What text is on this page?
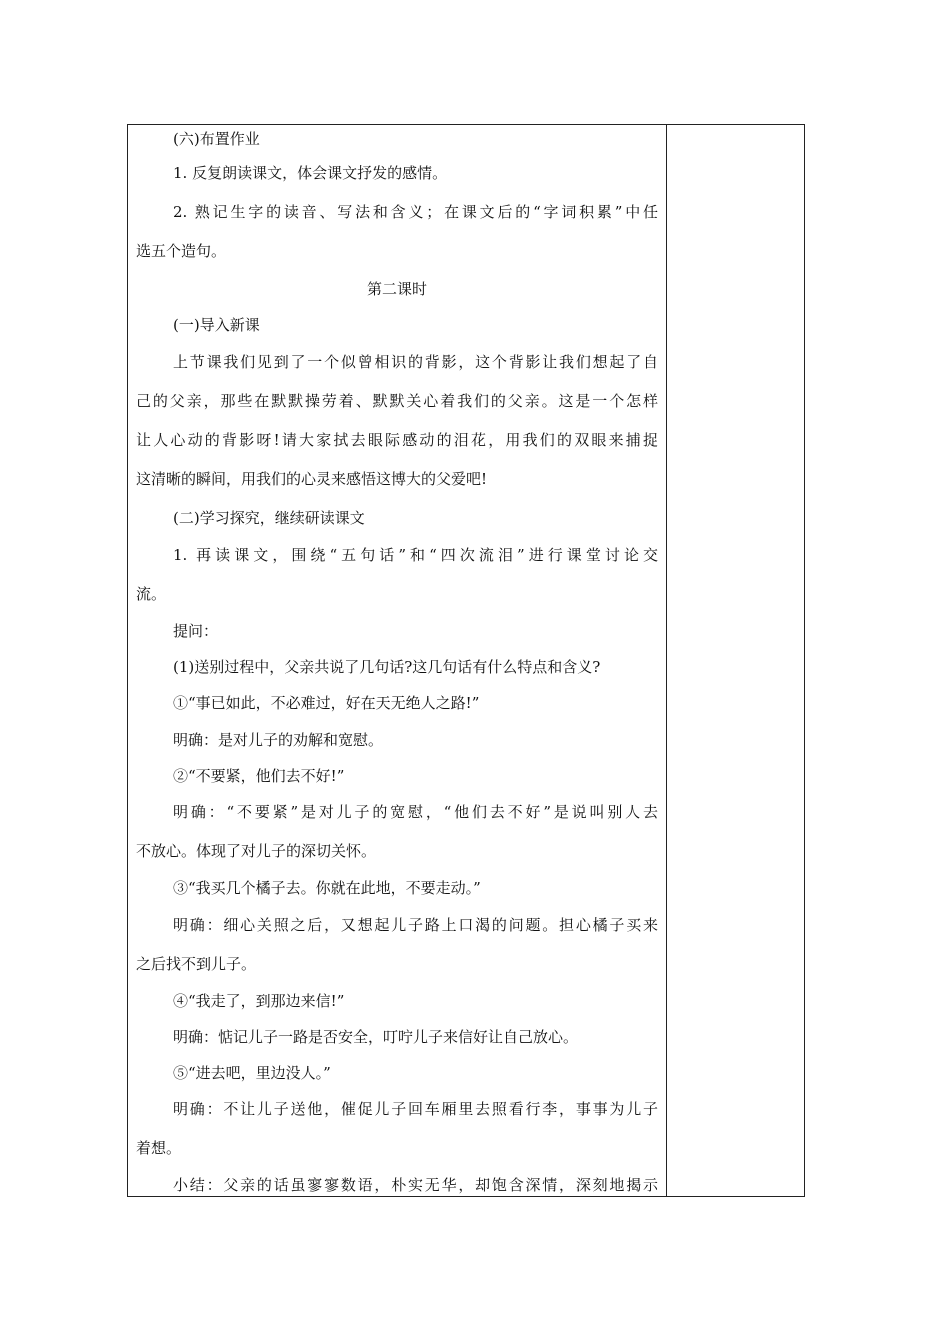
(六)布置作业
1. 反复朗读课文，体会课文抒发的感情。
2. 熟记生字的读音、写法和含义；在课文后的“字词积累”中任
选五个造句。
第二课时
(一)导入新课
上节课我们见到了一个似曾相识的背影，这个背影让我们想起了自
己的父亲，那些在默默操劳着、默默关心着我们的父亲。这是一个怎样
让人心动的背影呀!请大家拭去眼际感动的泪花，用我们的双眼来捕捉
这清晰的瞬间，用我们的心灵来感悟这博大的父爱吧!
(二)学习探究，继续研读课文
1. 再读课文，围绕“五句话”和“四次流泪”进行课堂讨论交
流。
提问：
(1)送别过程中，父亲共说了几句话?这几句话有什么特点和含义?
①“事已如此，不必难过，好在天无绝人之路!”
明确：是对儿子的劝解和宽慰。
②“不要紧，他们去不好!”
明确：“不要紧”是对儿子的宽慰，“他们去不好”是说叫别人去
不放心。体现了对儿子的深切关怀。
③“我买几个橘子去。你就在此地，不要走动。”
明确：细心关照之后，又想起儿子路上口渴的问题。担心橘子买来
之后找不到儿子。
④“我走了，到那边来信!”
明确：惦记儿子一路是否安全，叮咛儿子来信好让自己放心。
⑤“进去吧，里边没人。”
明确：不让儿子送他，催促儿子回车厢里去照看行李，事事为儿子
着想。
小结：父亲的话虽寥寥数语，朴实无华，却饱含深情，深刻地揭示
